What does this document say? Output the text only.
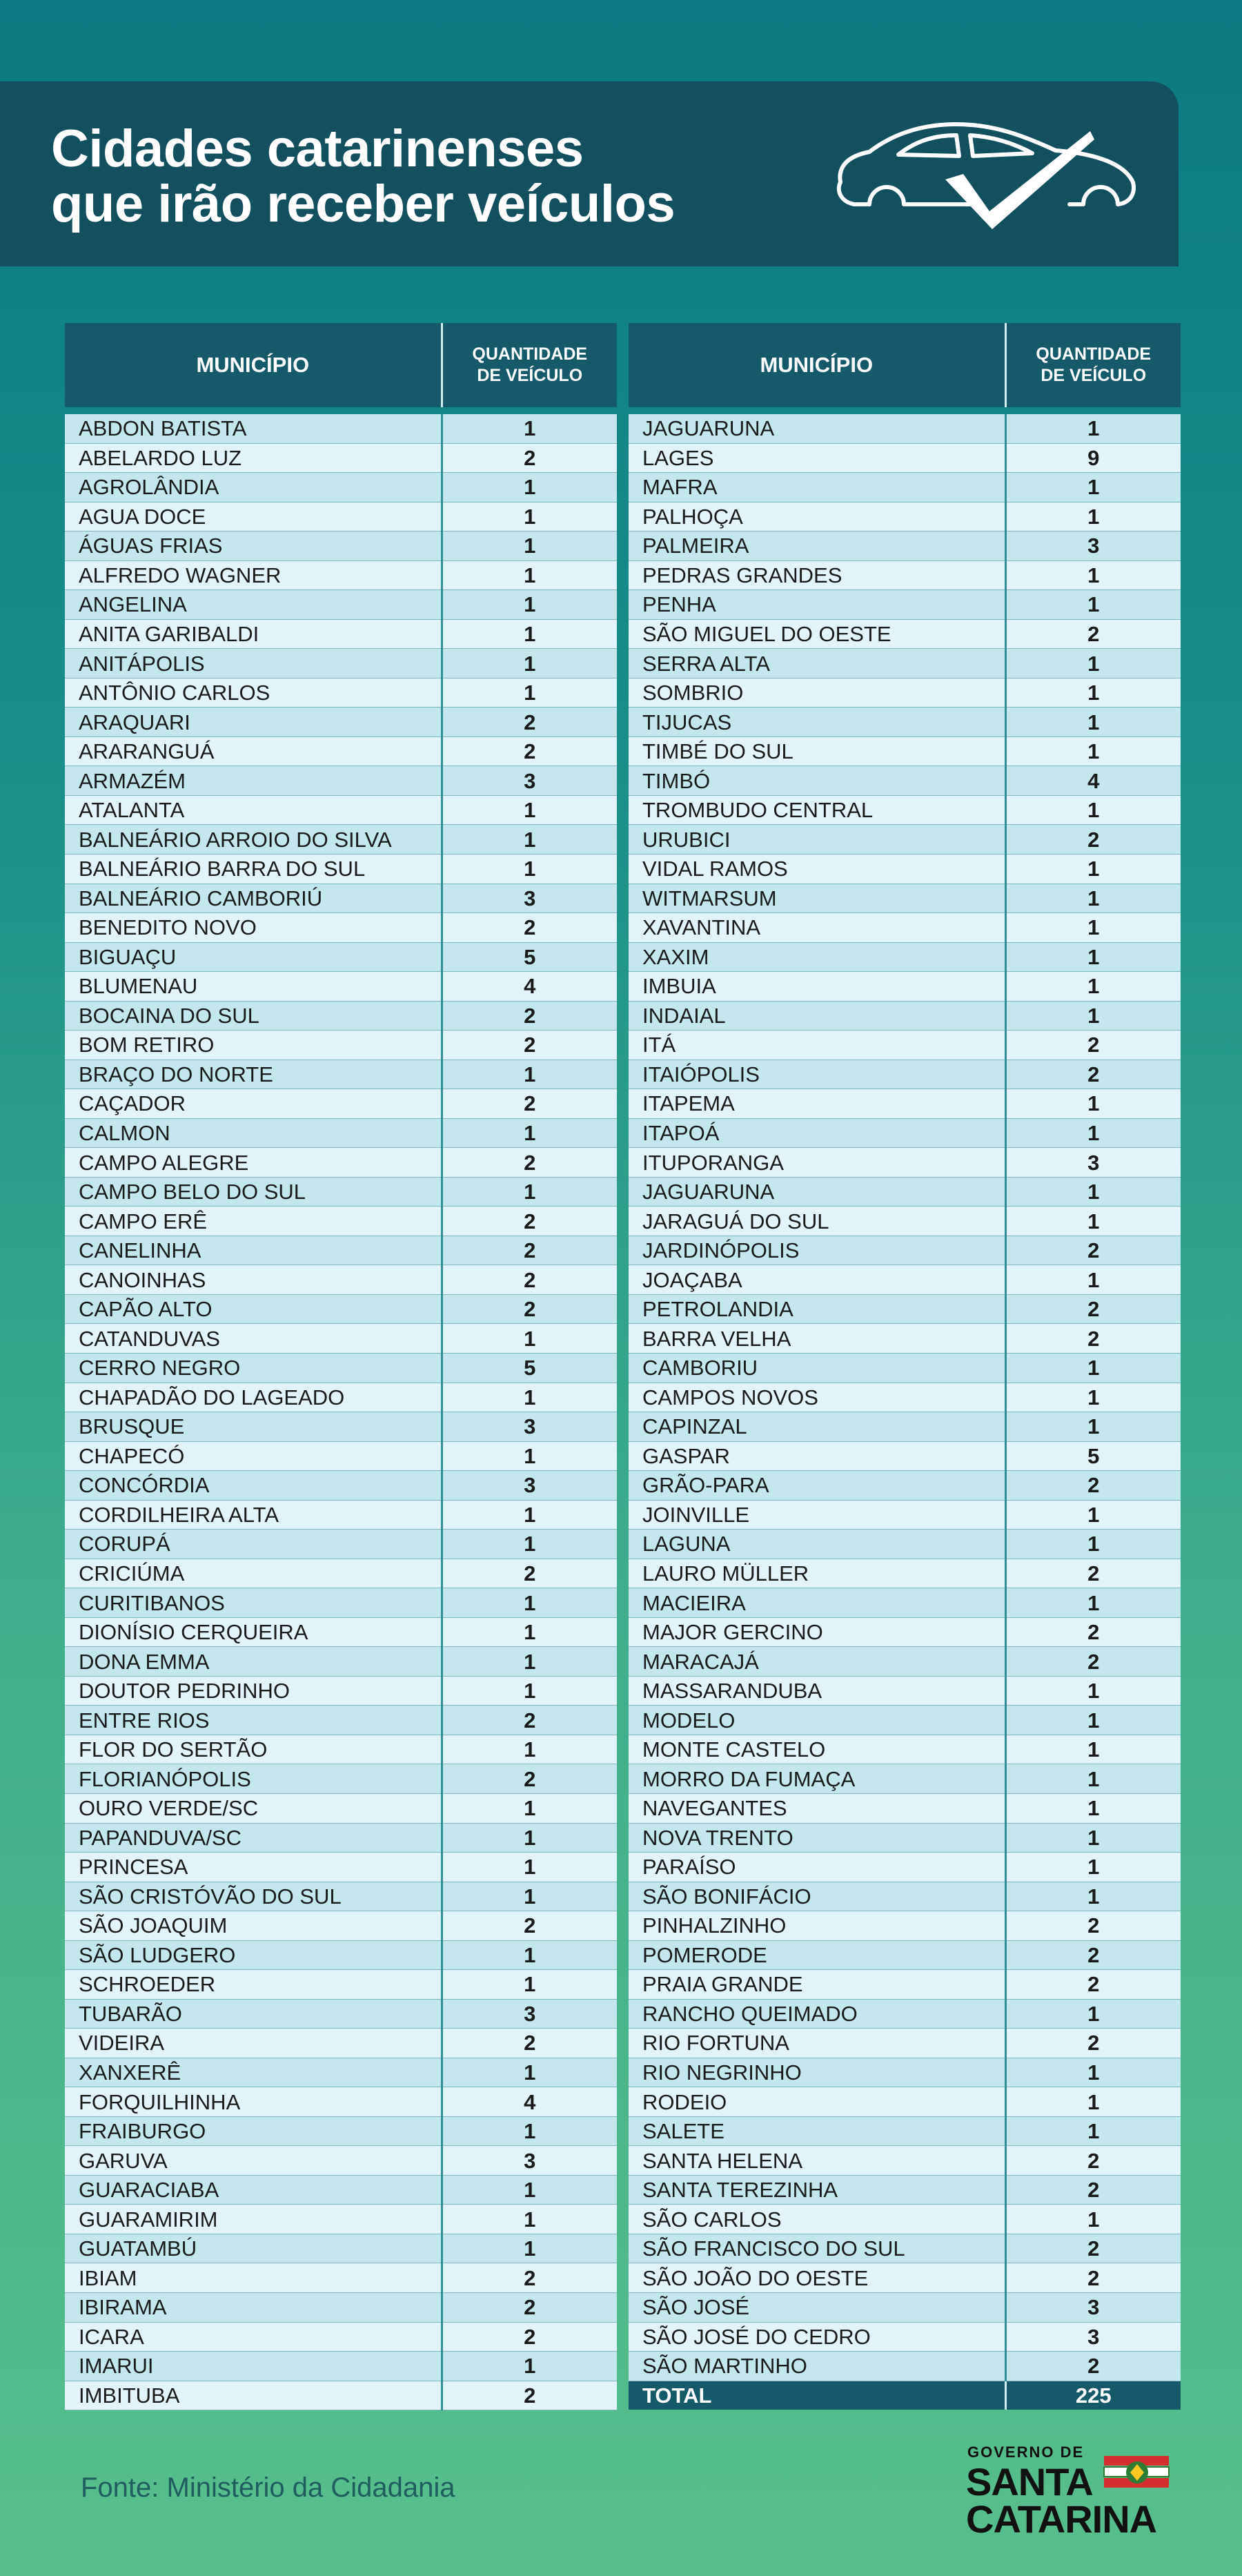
Cidades catarinenses
que irão receber veículos
MUNICÍPIO	QUANTIDADE
DE VEÍCULO

ABDON BATISTA	1
ABELARDO LUZ	2
AGROLÂNDIA	1
AGUA DOCE	1
ÁGUAS FRIAS	1
ALFREDO WAGNER	1
ANGELINA	1
ANITA GARIBALDI	1
ANITÁPOLIS	1
ANTÔNIO CARLOS	1
ARAQUARI	2
ARARANGUÁ	2
ARMAZÉM	3
ATALANTA	1
BALNEÁRIO ARROIO DO SILVA	1
BALNEÁRIO BARRA DO SUL	1
BALNEÁRIO CAMBORIÚ	3
BENEDITO NOVO	2
BIGUAÇU	5
BLUMENAU	4
BOCAINA DO SUL	2
BOM RETIRO	2
BRAÇO DO NORTE	1
CAÇADOR	2
CALMON	1
CAMPO ALEGRE	2
CAMPO BELO DO SUL	1
CAMPO ERÊ	2
CANELINHA	2
CANOINHAS	2
CAPÃO ALTO	2
CATANDUVAS	1
CERRO NEGRO	5
CHAPADÃO DO LAGEADO	1
BRUSQUE	3
CHAPECÓ	1
CONCÓRDIA	3
CORDILHEIRA ALTA	1
CORUPÁ	1
CRICIÚMA	2
CURITIBANOS	1
DIONÍSIO CERQUEIRA	1
DONA EMMA	1
DOUTOR PEDRINHO	1
ENTRE RIOS	2
FLOR DO SERTÃO	1
FLORIANÓPOLIS	2
OURO VERDE/SC	1
PAPANDUVA/SC	1
PRINCESA	1
SÃO CRISTÓVÃO DO SUL	1
SÃO JOAQUIM	2
SÃO LUDGERO	1
SCHROEDER	1
TUBARÃO	3
VIDEIRA	2
XANXERÊ	1
FORQUILHINHA	4
FRAIBURGO	1
GARUVA	3
GUARACIABA	1
GUARAMIRIM	1
GUATAMBÚ	1
IBIAM	2
IBIRAMA	2
ICARA	2
IMARUI	1
IMBITUBA	2
MUNICÍPIO	QUANTIDADE
DE VEÍCULO

JAGUARUNA	1
LAGES	9
MAFRA	1
PALHOÇA	1
PALMEIRA	3
PEDRAS GRANDES	1
PENHA	1
SÃO MIGUEL DO OESTE	2
SERRA ALTA	1
SOMBRIO	1
TIJUCAS	1
TIMBÉ DO SUL	1
TIMBÓ	4
TROMBUDO CENTRAL	1
URUBICI	2
VIDAL RAMOS	1
WITMARSUM	1
XAVANTINA	1
XAXIM	1
IMBUIA	1
INDAIAL	1
ITÁ	2
ITAIÓPOLIS	2
ITAPEMA	1
ITAPOÁ	1
ITUPORANGA	3
JAGUARUNA	1
JARAGUÁ DO SUL	1
JARDINÓPOLIS	2
JOAÇABA	1
PETROLANDIA	2
BARRA VELHA	2
CAMBORIU	1
CAMPOS NOVOS	1
CAPINZAL	1
GASPAR	5
GRÃO-PARA	2
JOINVILLE	1
LAGUNA	1
LAURO MÜLLER	2
MACIEIRA	1
MAJOR GERCINO	2
MARACAJÁ	2
MASSARANDUBA	1
MODELO	1
MONTE CASTELO	1
MORRO DA FUMAÇA	1
NAVEGANTES	1
NOVA TRENTO	1
PARAÍSO	1
SÃO BONIFÁCIO	1
PINHALZINHO	2
POMERODE	2
PRAIA GRANDE	2
RANCHO QUEIMADO	1
RIO FORTUNA	2
RIO NEGRINHO	1
RODEIO	1
SALETE	1
SANTA HELENA	2
SANTA TEREZINHA	2
SÃO CARLOS	1
SÃO FRANCISCO DO SUL	2
SÃO JOÃO DO OESTE	2
SÃO JOSÉ	3
SÃO JOSÉ DO CEDRO	3
SÃO MARTINHO	2
TOTAL	225

Fonte: Ministério da Cidadania

GOVERNO DE

SANTA

CATARINA
